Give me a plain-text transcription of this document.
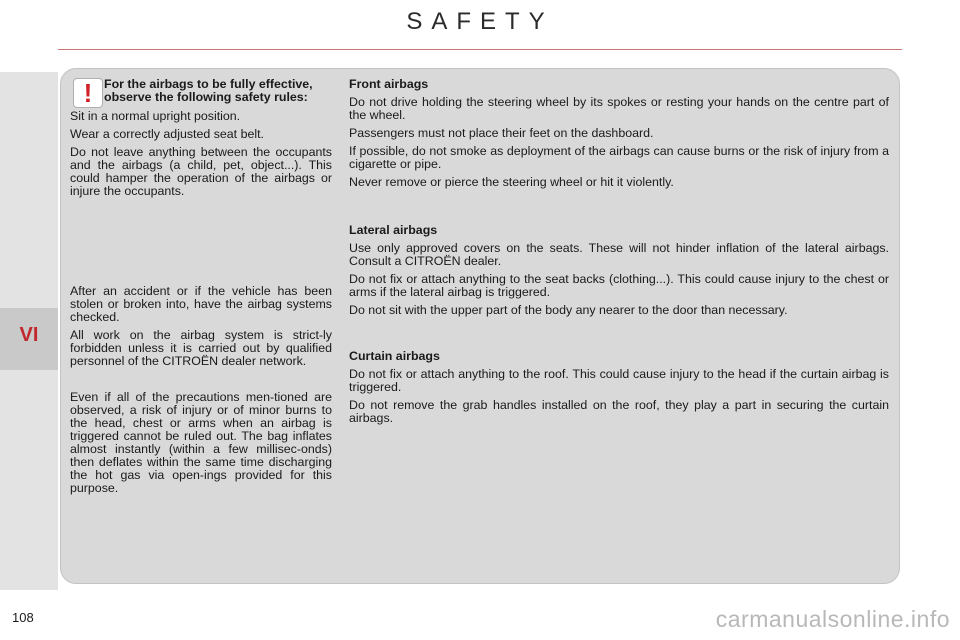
SAFETY
VI
! For the airbags to be fully effective, observe the following safety rules:

Sit in a normal upright position.

Wear a correctly adjusted seat belt.

Do not leave anything between the occupants and the airbags (a child, pet, object...). This could hamper the operation of the airbags or injure the occupants.

After an accident or if the vehicle has been stolen or broken into, have the airbag systems checked.

All work on the airbag system is strict-ly forbidden unless it is carried out by qualified personnel of the CITROËN dealer network.

Even if all of the precautions men-tioned are observed, a risk of injury or of minor burns to the head, chest or arms when an airbag is triggered cannot be ruled out. The bag inflates almost instantly (within a few millisec-onds) then deflates within the same time discharging the hot gas via open-ings provided for this purpose.

Front airbags

Do not drive holding the steering wheel by its spokes or resting your hands on the centre part of the wheel.

Passengers must not place their feet on the dashboard.

If possible, do not smoke as deployment of the airbags can cause burns or the risk of injury from a cigarette or pipe.

Never remove or pierce the steering wheel or hit it violently.

Lateral airbags

Use only approved covers on the seats. These will not hinder inflation of the lateral airbags. Consult a CITROËN dealer.

Do not fix or attach anything to the seat backs (clothing...). This could cause injury to the chest or arms if the lateral airbag is triggered.

Do not sit with the upper part of the body any nearer to the door than necessary.

Curtain airbags

Do not fix or attach anything to the roof. This could cause injury to the head if the curtain airbag is triggered.

Do not remove the grab handles installed on the roof, they play a part in securing the curtain airbags.

108	carmanualsonline.info
